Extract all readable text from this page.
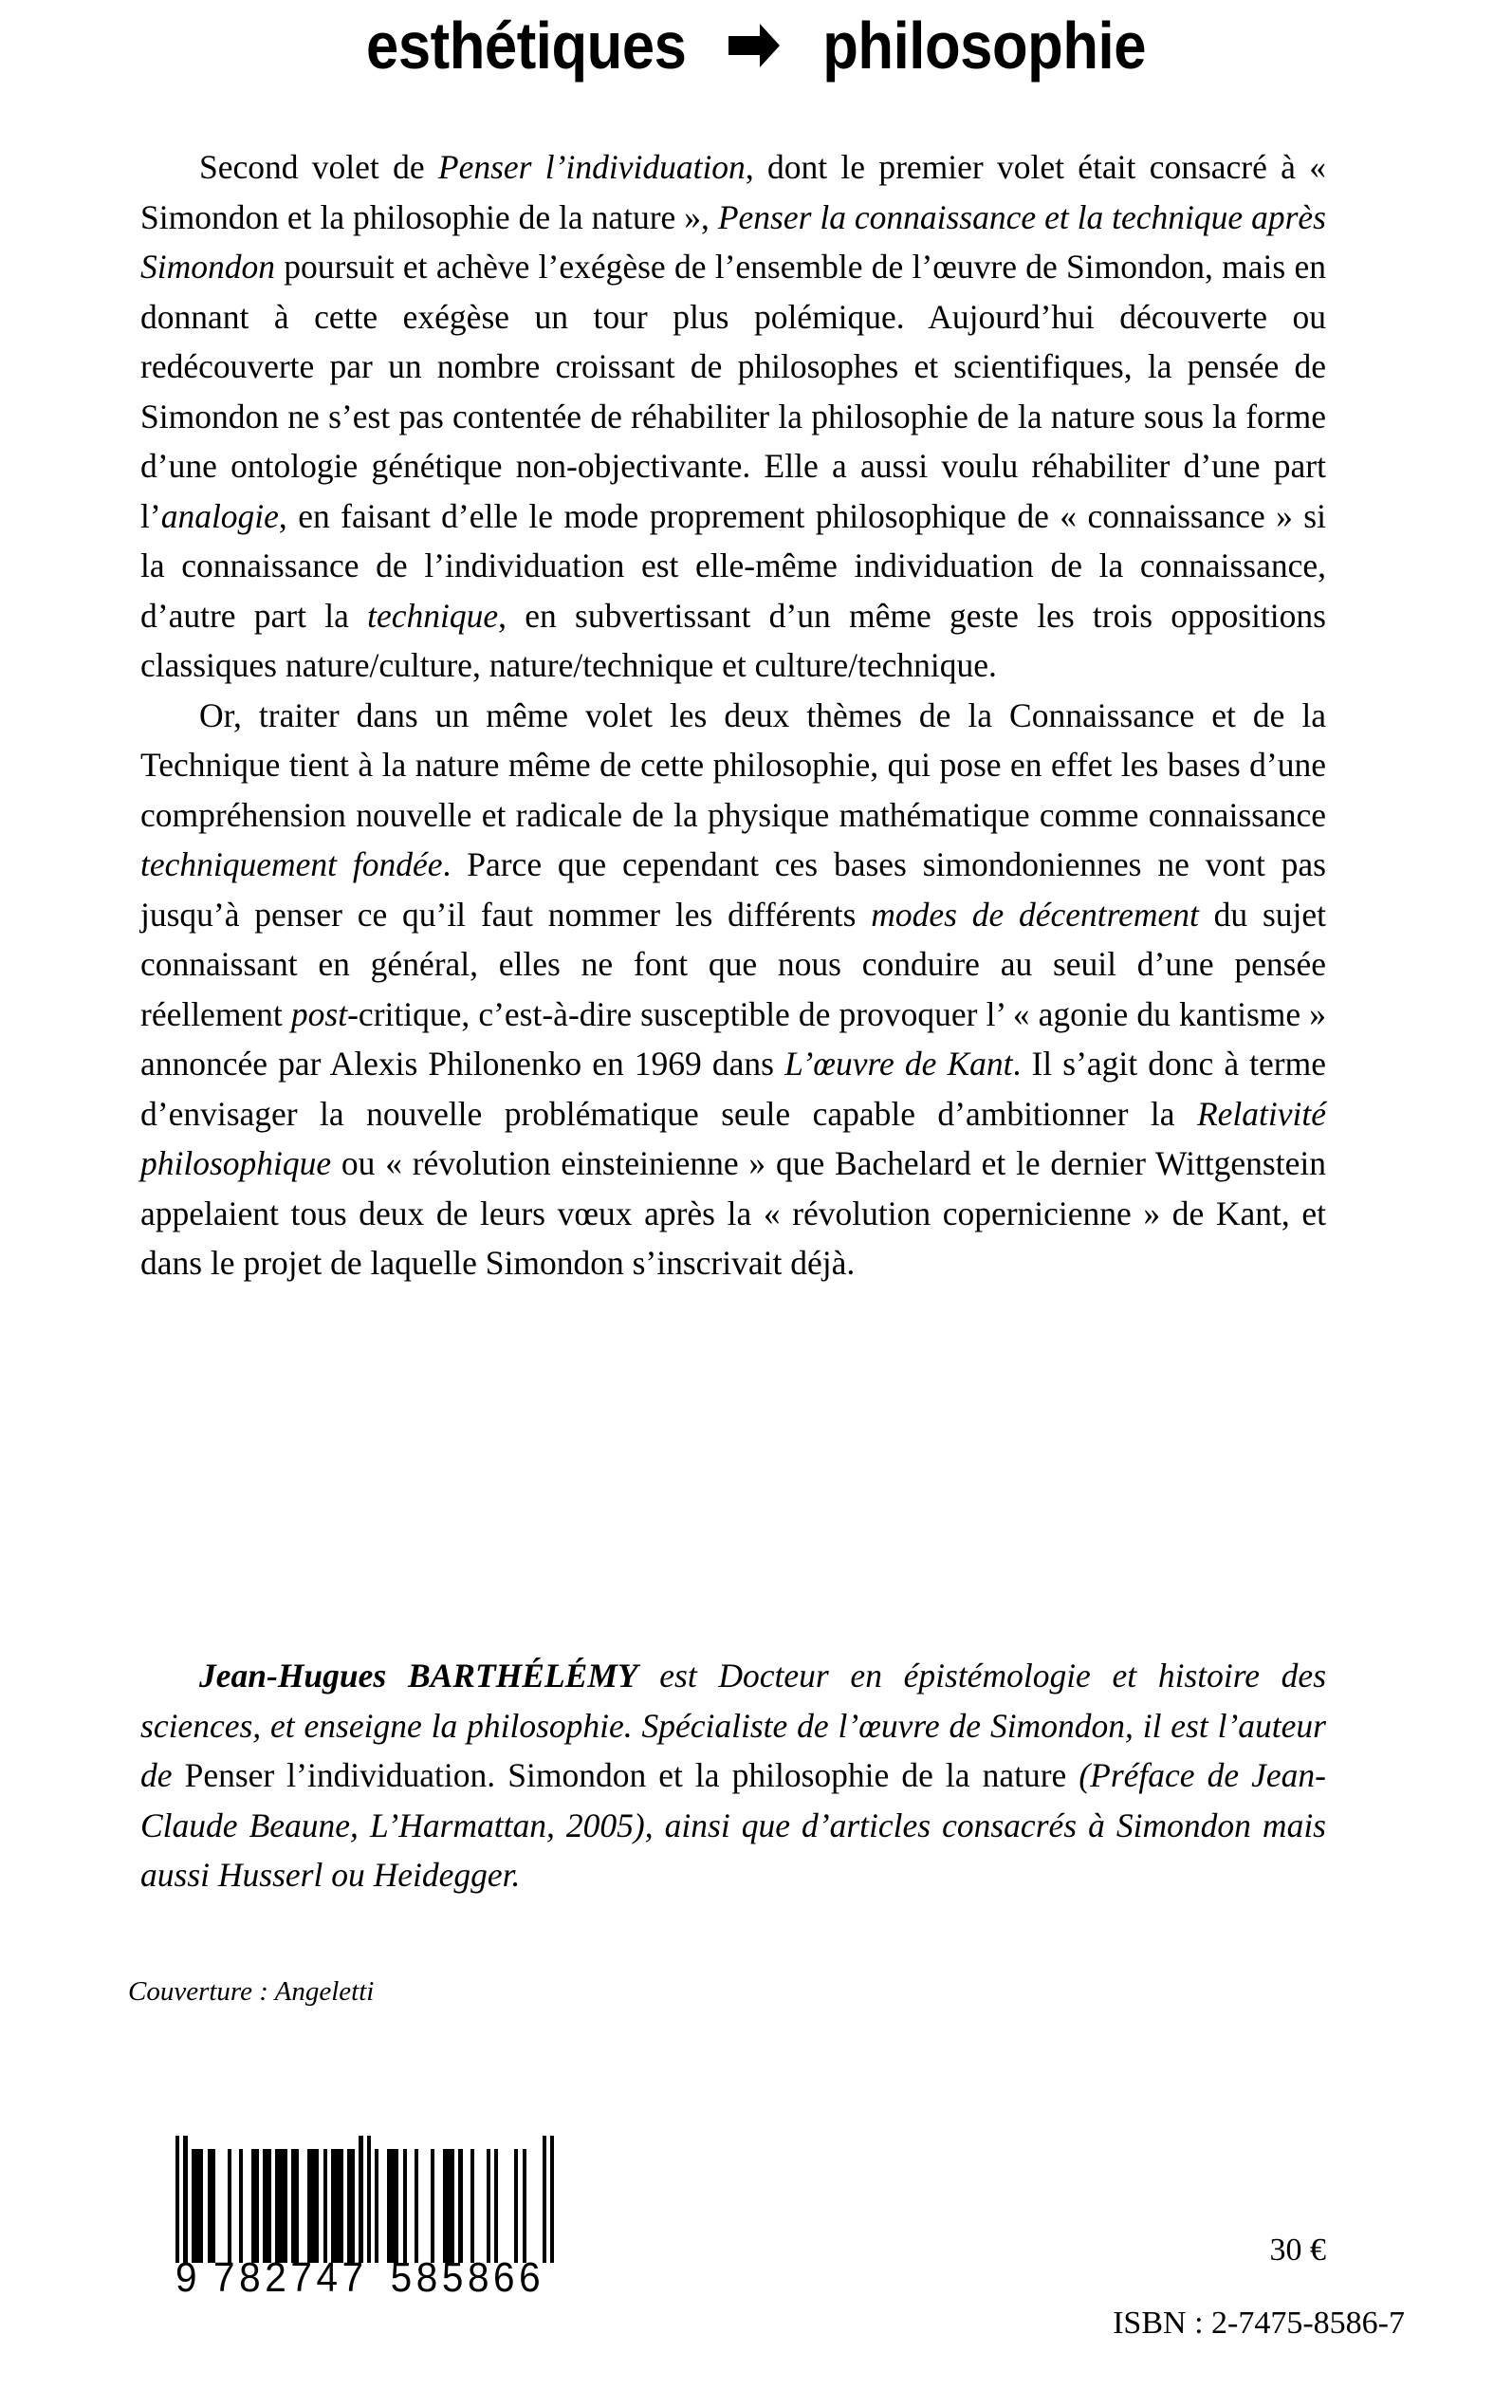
esthétiques philosophie

Second volet de Penser l’individuation, dont le premier volet était consacré à « Simondon et la philosophie de la nature », Penser la connaissance et la technique après Simondon poursuit et achève l’exégèse de l’ensemble de l’œuvre de Simondon, mais en donnant à cette exégèse un tour plus polémique. Aujourd’hui découverte ou redécouverte par un nombre croissant de philosophes et scientifiques, la pensée de Simondon ne s’est pas contentée de réhabiliter la philosophie de la nature sous la forme d’une ontologie génétique non-objectivante. Elle a aussi voulu réhabiliter d’une part l’analogie, en faisant d’elle le mode proprement philosophique de « connaissance » si la connaissance de l’individuation est elle-même individuation de la connaissance, d’autre part la technique, en subvertissant d’un même geste les trois oppositions classiques nature/culture, nature/technique et culture/technique.

Or, traiter dans un même volet les deux thèmes de la Connaissance et de la Technique tient à la nature même de cette philosophie, qui pose en effet les bases d’une compréhension nouvelle et radicale de la physique mathématique comme connaissance techniquement fondée. Parce que cependant ces bases simondoniennes ne vont pas jusqu’à penser ce qu’il faut nommer les différents modes de décentrement du sujet connaissant en général, elles ne font que nous conduire au seuil d’une pensée réellement post-critique, c’est-à-dire susceptible de provoquer l’ « agonie du kantisme » annoncée par Alexis Philonenko en 1969 dans L’œuvre de Kant. Il s’agit donc à terme d’envisager la nouvelle problématique seule capable d’ambitionner la Relativité philosophique ou « révolution einsteinienne » que Bachelard et le dernier Wittgenstein appelaient tous deux de leurs vœux après la « révolution copernicienne » de Kant, et dans le projet de laquelle Simondon s’inscrivait déjà.

Jean-Hugues BARTHÉLÉMY est Docteur en épistémologie et histoire des sciences, et enseigne la philosophie. Spécialiste de l’œuvre de Simondon, il est l’auteur de Penser l’individuation. Simondon et la philosophie de la nature (Préface de Jean-Claude Beaune, L’Harmattan, 2005), ainsi que d’articles consacrés à Simondon mais aussi Husserl ou Heidegger.

Couverture : Angeletti
9 782747 585866
30 €
ISBN : 2-7475-8586-7
